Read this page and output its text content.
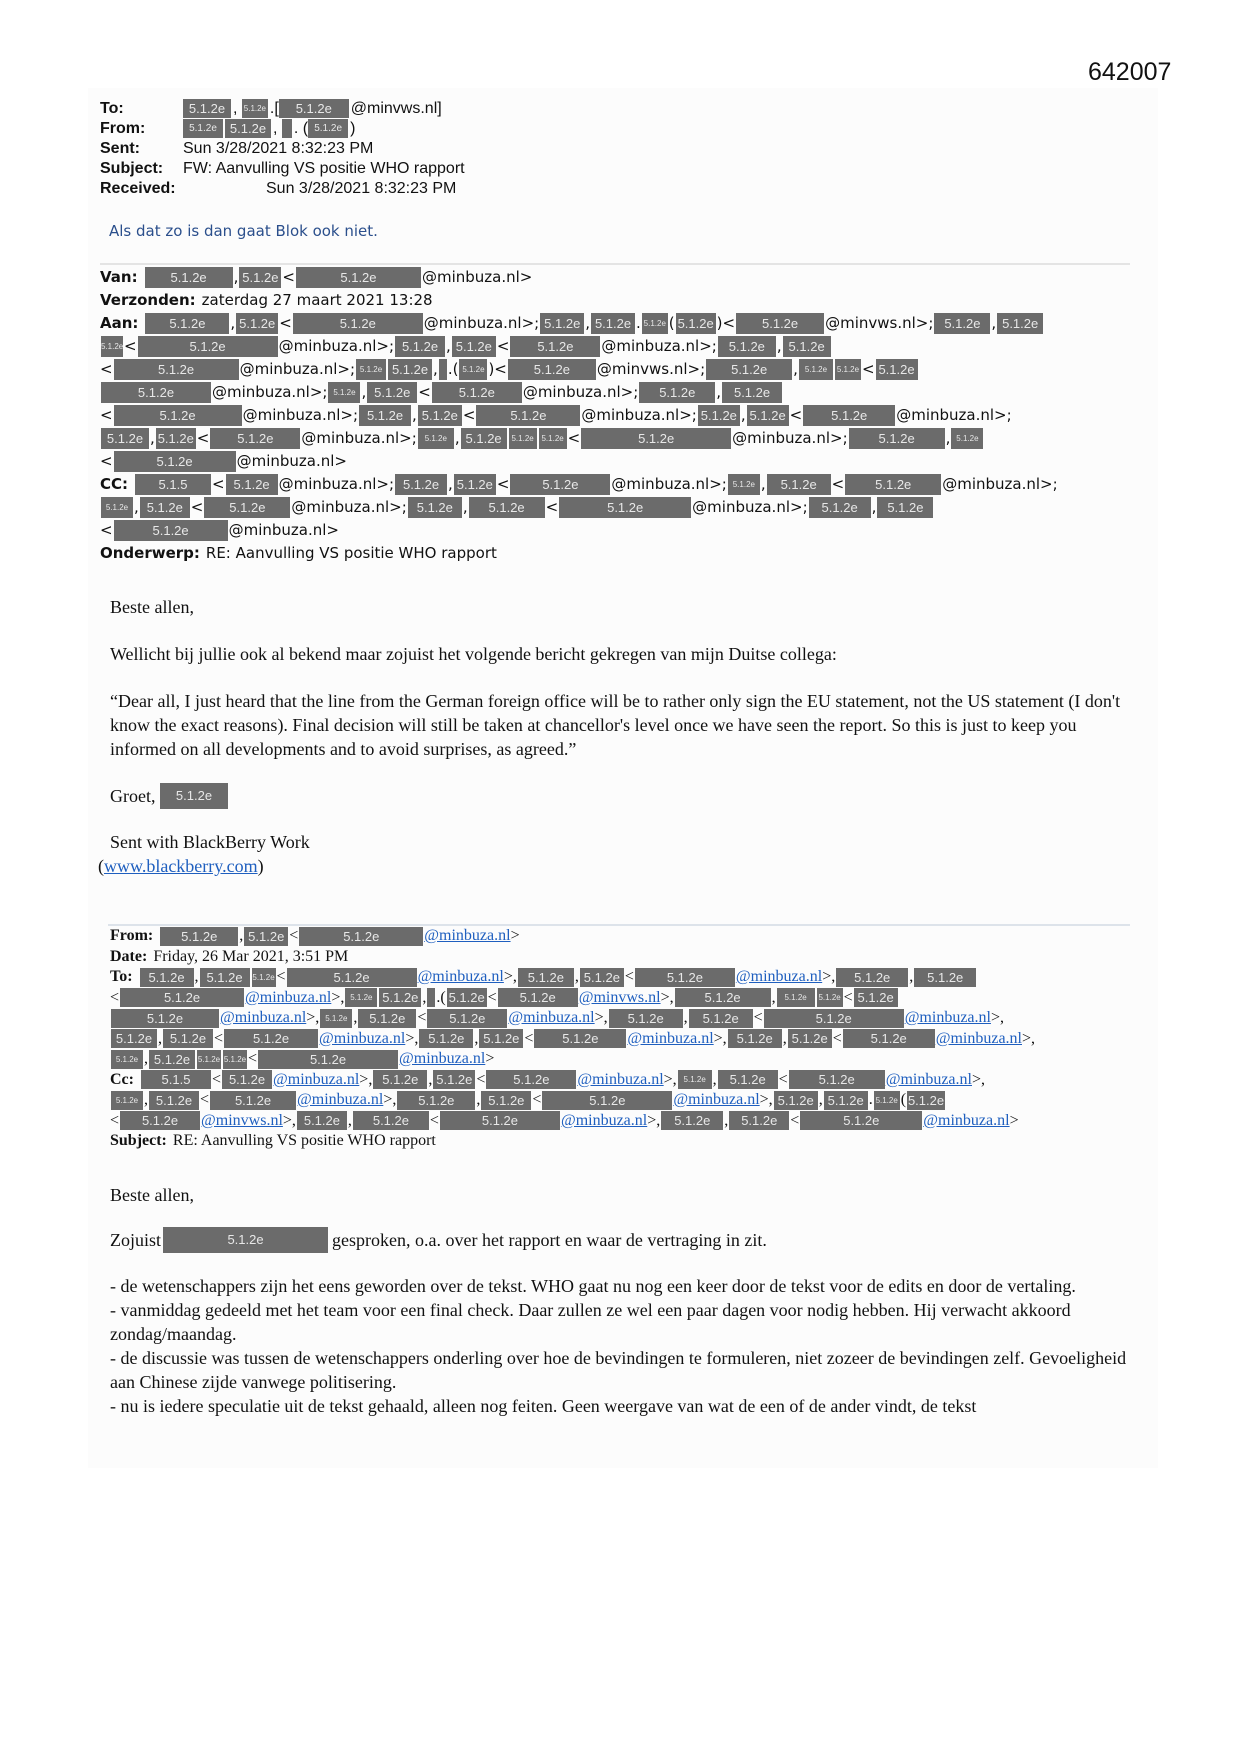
642007
To:	5.1.2e , 5.1.2e .[	5.1.2e	@minvws.nl]
From:	5.1.2e	5.1.2e , . ( 5.1.2e )
Sent:	Sun 3/28/2021 8:32:23 PM
Subject:	FW: Aanvulling VS positie WHO rapport
Received:	Sun 3/28/2021 8:32:23 PM
Als dat zo is dan gaat Blok ook niet.
Van:	5.1.2e	, 5.1.2e <	5.1.2e	@minbuza.nl>
Verzonden: zaterdag 27 maart 2021 13:28
Aan:	5.1.2e	, 5.1.2e <	5.1.2e	@minbuza.nl>; 5.1.2e , 5.1.2e . 5.1.2e ( 5.1.2e )<	5.1.2e	@minvws.nl>; 5.1.2e , 5.1.2e
5.1.2e <	5.1.2e	@minbuza.nl>; 5.1.2e , 5.1.2e <	5.1.2e	@minbuza.nl>; 5.1.2e , 5.1.2e
<	5.1.2e	@minbuza.nl>; 5.1.2e 5.1.2e ,
.( 5.1.2e )<	5.1.2e	@minvws.nl>;	5.1.2e	, 5.1.2e	5.1.2e < 5.1.2e
5.1.2e	@minbuza.nl>; 5.1.2e , 5.1.2e <	5.1.2e	@minbuza.nl>;	5.1.2e	, 5.1.2e
<	5.1.2e	@minbuza.nl>; 5.1.2e , 5.1.2e <	5.1.2e	@minbuza.nl>; 5.1.2e , 5.1.2e <	5.1.2e	@minbuza.nl>;
5.1.2e , 5.1.2e <	5.1.2e	@minbuza.nl>; 5.1.2e , 5.1.2e	5.1.2e 5.1.2e <	5.1.2e	@minbuza.nl>;	5.1.2e	, 5.1.2e
<	5.1.2e	@minbuza.nl>
CC:	5.1.5	< 5.1.2e @minbuza.nl>; 5.1.2e , 5.1.2e <	5.1.2e	@minbuza.nl>; 5.1.2e ,	5.1.2e <	5.1.2e	@minbuza.nl>;
5.1.2e , 5.1.2e <	5.1.2e	@minbuza.nl>; 5.1.2e ,	5.1.2e	<	5.1.2e	@minbuza.nl>;	5.1.2e , 5.1.2e
<	5.1.2e	@minbuza.nl>
Onderwerp: RE: Aanvulling VS positie WHO rapport
Beste allen,
Wellicht bij jullie ook al bekend maar zojuist het volgende bericht gekregen van mijn Duitse collega:
“Dear all, I just heard that the line from the German foreign office will be to rather only sign the EU statement, not the US statement (I don't know the exact reasons). Final decision will still be taken at chancellor's level once we have seen the report. So this is just to keep you informed on all developments and to avoid surprises, as agreed.”
Groet,
	5.1.2e
Sent with BlackBerry Work
(www.blackberry.com)
From:	5.1.2e	, 5.1.2e <	5.1.2e	@minbuza.nl >
Date: Friday, 26 Mar 2021, 3:51 PM
To:	5.1.2e , 5.1.2e	5.1.2e <	5.1.2e	@minbuza.nl >, 5.1.2e , 5.1.2e <	5.1.2e	@minbuza.nl >,	5.1.2e	,	5.1.2e
<	5.1.2e	@minbuza.nl >, 5.1.2e 5.1.2e ,
.( 5.1.2e <	5.1.2e	@minvws.nl >,	5.1.2e	,	5.1.2e	5.1.2e < 5.1.2e
5.1.2e	@minbuza.nl >, 5.1.2e , 5.1.2e <	5.1.2e	@minbuza.nl >,	5.1.2e	,	5.1.2e <	5.1.2e	@minbuza.nl >,
5.1.2e , 5.1.2e <	5.1.2e	@minbuza.nl >, 5.1.2e , 5.1.2e <	5.1.2e	@minbuza.nl >, 5.1.2e , 5.1.2e <	5.1.2e	@minbuza.nl >,
5.1.2e , 5.1.2e 5.1.2e 5.1.2e <	5.1.2e	@minbuza.nl >
Cc:	5.1.5	< 5.1.2e @minbuza.nl >, 5.1.2e , 5.1.2e <	5.1.2e	@minbuza.nl >, 5.1.2e , 5.1.2e <	5.1.2e	@minbuza.nl >,
5.1.2e , 5.1.2e <	5.1.2e	@minbuza.nl >,	5.1.2e	, 5.1.2e <	5.1.2e	@minbuza.nl >, 5.1.2e , 5.1.2e . 5.1.2e ( 5.1.2e
<	5.1.2e	@minvws.nl >, 5.1.2e ,	5.1.2e	<	5.1.2e	@minbuza.nl >,	5.1.2e , 5.1.2e <	5.1.2e	@minbuza.nl >
Subject: RE: Aanvulling VS positie WHO rapport
Beste allen,
Zojuist	5.1.2e	gesproken, o.a. over het rapport en waar de vertraging in zit.

- de wetenschappers zijn het eens geworden over de tekst. WHO gaat nu nog een keer door de tekst voor de edits en door de vertaling.

- vanmiddag gedeeld met het team voor een final check. Daar zullen ze wel een paar dagen voor nodig hebben. Hij verwacht akkoord zondag/maandag.

- de discussie was tussen de wetenschappers onderling over hoe de bevindingen te formuleren, niet zozeer de bevindingen zelf. Gevoeligheid aan Chinese zijde vanwege politisering.

- nu is iedere speculatie uit de tekst gehaald, alleen nog feiten. Geen weergave van wat de een of de ander vindt, de tekst
